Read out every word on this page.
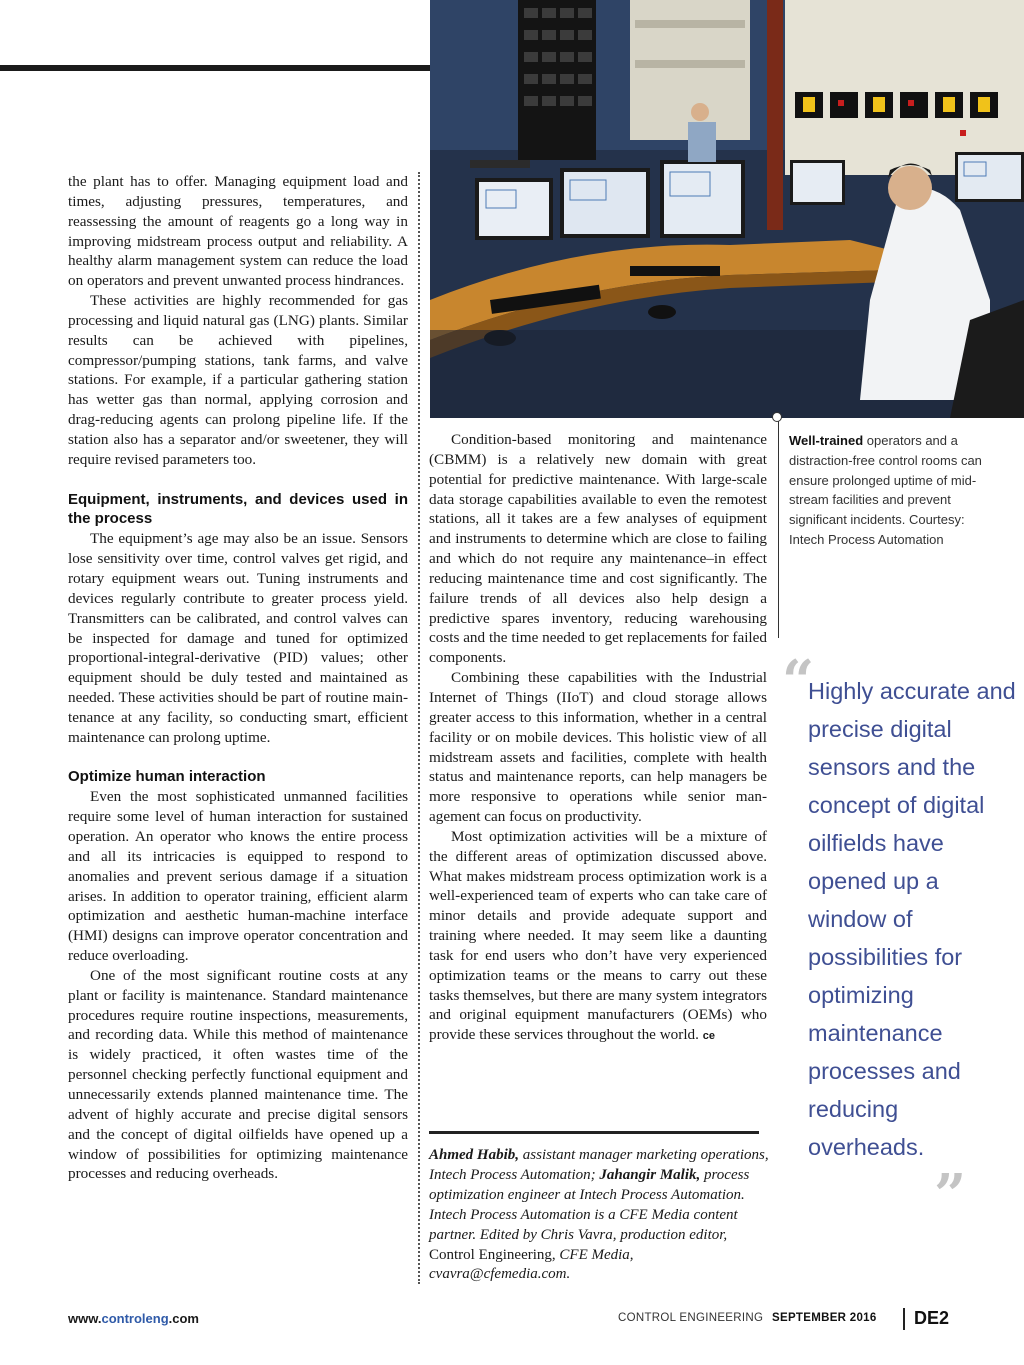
the plant has to offer. Managing equipment load and times, adjusting pressures, temperatures, and reassessing the amount of reagents go a long way in improving midstream process output and reliability. A healthy alarm management system can reduce the load on operators and prevent unwanted process hindrances.

These activities are highly recommended for gas processing and liquid natural gas (LNG) plants. Similar results can be achieved with pipelines, compressor/pumping stations, tank farms, and valve stations. For example, if a particular gathering station has wetter gas than normal, applying corrosion and drag-reducing agents can prolong pipeline life. If the station also has a separator and/or sweetener, they will require revised parameters too.

Equipment, instruments, and devices used in the process

The equipment’s age may also be an issue. Sensors lose sensitivity over time, control valves get rigid, and rotary equipment wears out. Tuning instruments and devices regularly contribute to greater process yield. Transmitters can be calibrated, and control valves can be inspected for damage and tuned for optimized proportional-integral-derivative (PID) values; other equipment should be duly tested and maintained as needed. These activities should be part of routine maintenance at any facility, so conducting smart, efficient maintenance can prolong uptime.

Optimize human interaction

Even the most sophisticated unmanned facilities require some level of human interaction for sustained operation. An operator who knows the entire process and all its intricacies is equipped to respond to anomalies and prevent serious damage if a situation arises. In addition to operator training, efficient alarm optimization and aesthetic human-machine interface (HMI) designs can improve operator concentration and reduce overloading.

One of the most significant routine costs at any plant or facility is maintenance. Standard maintenance procedures require routine inspections, measurements, and recording data. While this method of maintenance is widely practiced, it often wastes time of the personnel checking perfectly functional equipment and unnecessarily extends planned maintenance time. The advent of highly accurate and precise digital sensors and the concept of digital oilfields have opened up a window of possibilities for optimizing maintenance processes and reducing overheads.

Condition-based monitoring and maintenance (CBMM) is a relatively new domain with great potential for predictive maintenance. With large-scale data storage capabilities available to even the remotest stations, all it takes are a few analyses of equipment and instruments to determine which are close to failing and which do not require any maintenance–in effect reducing maintenance time and cost significantly. The failure trends of all devices also help design a predictive spares inventory, reducing warehousing costs and the time needed to get replacements for failed components.

Combining these capabilities with the Industrial Internet of Things (IIoT) and cloud storage allows greater access to this information, whether in a central facility or on mobile devices. This holistic view of all midstream assets and facilities, complete with health status and maintenance reports, can help managers be more responsive to operations while senior management can focus on productivity.

Most optimization activities will be a mixture of the different areas of optimization discussed above. What makes midstream process optimization work is a well-experienced team of experts who can take care of minor details and provide adequate support and training where needed. It may seem like a daunting task for end users who don’t have very experienced optimization teams or the means to carry out these tasks themselves, but there are many system integrators and original equipment manufacturers (OEMs) who provide these services throughout the world. ce

Ahmed Habib, assistant manager marketing operations, Intech Process Automation; Jahangir Malik, process optimization engineer at Intech Process Automation. Intech Process Automation is a CFE Media content partner. Edited by Chris Vavra, production editor, Control Engineering, CFE Media, cvavra@cfemedia.com.
Well-trained operators and a distraction-free control rooms can ensure prolonged uptime of midstream facilities and prevent significant incidents. Courtesy: Intech Process Automation
“
Highly accurate and precise digital sensors and the concept of digital oilfields have opened up a window of possibilities for optimizing maintenance processes and reducing overheads.
”
www.controleng.com	CONTROL ENGINEERING SEPTEMBER 2016 DE2
